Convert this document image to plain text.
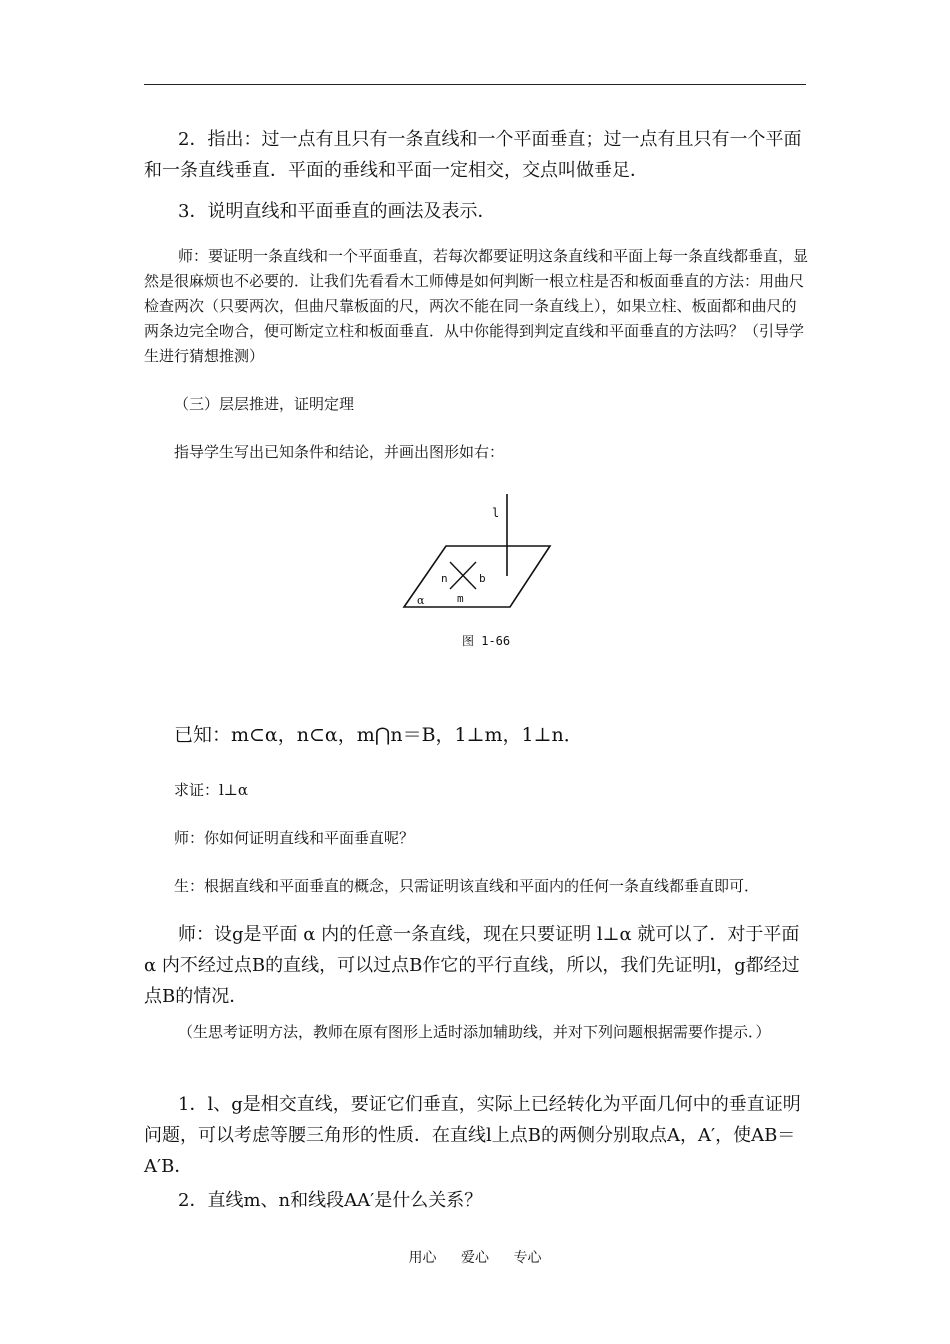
2．指出：过一点有且只有一条直线和一个平面垂直；过一点有且只有一个平面和一条直线垂直．平面的垂线和平面一定相交，交点叫做垂足．

3．说明直线和平面垂直的画法及表示．

师：要证明一条直线和一个平面垂直，若每次都要证明这条直线和平面上每一条直线都垂直，显然是很麻烦也不必要的．让我们先看看木工师傅是如何判断一根立柱是否和板面垂直的方法：用曲尺检查两次（只要两次，但曲尺靠板面的尺，两次不能在同一条直线上），如果立柱、板面都和曲尺的两条边完全吻合，便可断定立柱和板面垂直．从中你能得到判定直线和平面垂直的方法吗？（引导学生进行猜想推测）

（三）层层推进，证明定理

指导学生写出已知条件和结论，并画出图形如右：

l
n	b
m
α
图 1-66

已知：m⊂α，n⊂α，m⋂n＝B，1⊥m，1⊥n．

求证：l⊥α

师：你如何证明直线和平面垂直呢？

生：根据直线和平面垂直的概念，只需证明该直线和平面内的任何一条直线都垂直即可．

师：设g是平面 α 内的任意一条直线，现在只要证明 l⊥α 就可以了．对于平面 α 内不经过点B的直线，可以过点B作它的平行直线，所以，我们先证明l，g都经过点B的情况．

（生思考证明方法，教师在原有图形上适时添加辅助线，并对下列问题根据需要作提示．）

1．l、g是相交直线，要证它们垂直，实际上已经转化为平面几何中的垂直证明问题，可以考虑等腰三角形的性质．在直线l上点B的两侧分别取点A，A′，使AB＝A′B．

2．直线m、n和线段AA′是什么关系？

用心 爱心 专心
